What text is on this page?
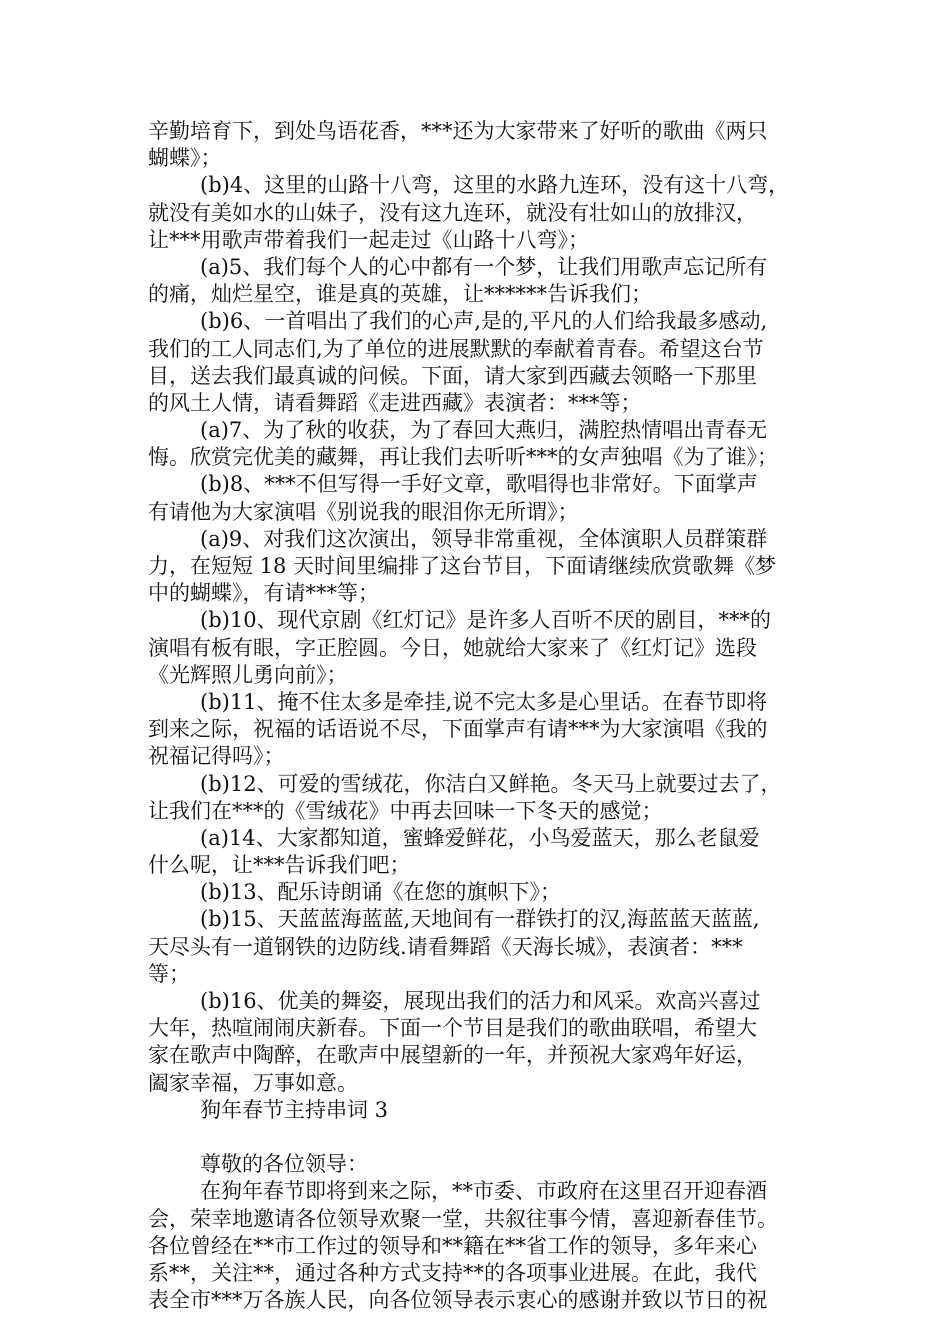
辛勤培育下，到处鸟语花香，***还为大家带来了好听的歌曲《两只
蝴蝶》；
(b)4、这里的山路十八弯，这里的水路九连环，没有这十八弯，
就没有美如水的山妹子，没有这九连环，就没有壮如山的放排汉，
让***用歌声带着我们一起走过《山路十八弯》；
(a)5、我们每个人的心中都有一个梦，让我们用歌声忘记所有
的痛，灿烂星空，谁是真的英雄，让******告诉我们；
(b)6、一首唱出了我们的心声,是的,平凡的人们给我最多感动,
我们的工人同志们,为了单位的进展默默的奉献着青春。希望这台节
目，送去我们最真诚的问候。下面，请大家到西藏去领略一下那里
的风土人情，请看舞蹈《走进西藏》表演者：***等；
(a)7、为了秋的收获，为了春回大燕归，满腔热情唱出青春无
悔。欣赏完优美的藏舞，再让我们去听听***的女声独唱《为了谁》；
(b)8、***不但写得一手好文章，歌唱得也非常好。下面掌声
有请他为大家演唱《别说我的眼泪你无所谓》；
(a)9、对我们这次演出，领导非常重视，全体演职人员群策群
力，在短短 18 天时间里编排了这台节目，下面请继续欣赏歌舞《梦
中的蝴蝶》，有请***等；
(b)10、现代京剧《红灯记》是许多人百听不厌的剧目，***的
演唱有板有眼，字正腔圆。今日，她就给大家来了《红灯记》选段
《光辉照儿勇向前》；
(b)11、掩不住太多是牵挂,说不完太多是心里话。在春节即将
到来之际，祝福的话语说不尽，下面掌声有请***为大家演唱《我的
祝福记得吗》；
(b)12、可爱的雪绒花，你洁白又鲜艳。冬天马上就要过去了，
让我们在***的《雪绒花》中再去回味一下冬天的感觉；
(a)14、大家都知道，蜜蜂爱鲜花，小鸟爱蓝天，那么老鼠爱
什么呢，让***告诉我们吧；
(b)13、配乐诗朗诵《在您的旗帜下》；
(b)15、天蓝蓝海蓝蓝,天地间有一群铁打的汉,海蓝蓝天蓝蓝,
天尽头有一道钢铁的边防线.请看舞蹈《天海长城》，表演者：***
等；
(b)16、优美的舞姿，展现出我们的活力和风采。欢高兴喜过
大年，热喧闹闹庆新春。下面一个节目是我们的歌曲联唱，希望大
家在歌声中陶醉，在歌声中展望新的一年，并预祝大家鸡年好运，
阖家幸福，万事如意。
狗年春节主持串词 3
尊敬的各位领导：
在狗年春节即将到来之际，**市委、市政府在这里召开迎春酒
会，荣幸地邀请各位领导欢聚一堂，共叙往事今情，喜迎新春佳节。
各位曾经在**市工作过的领导和**籍在**省工作的领导，多年来心
系**，关注**，通过各种方式支持**的各项事业进展。在此，我代
表全市***万各族人民，向各位领导表示衷心的感谢并致以节日的祝
